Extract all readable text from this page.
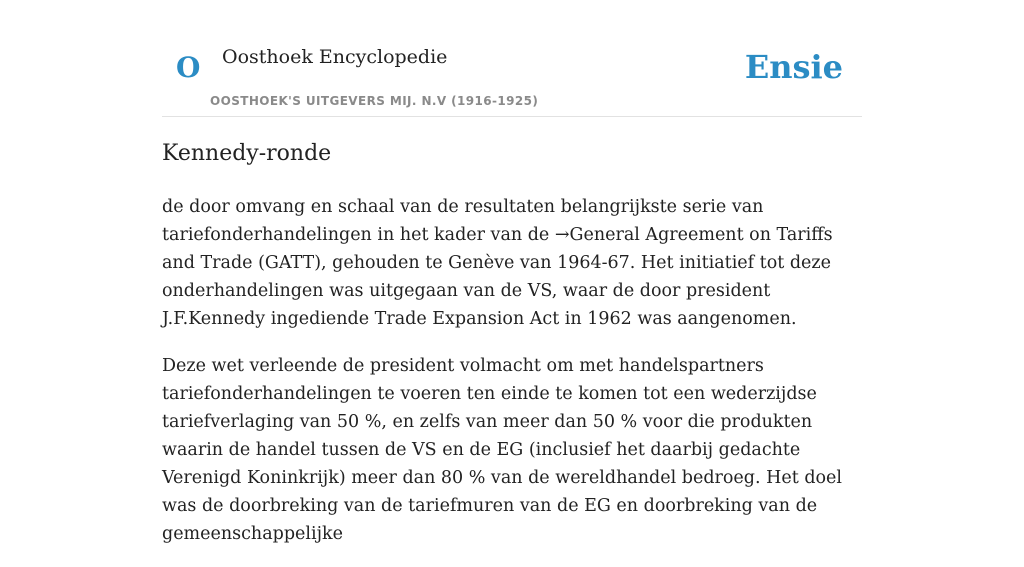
O Oosthoek Encyclopedie
OOSTHOEK'S UITGEVERS MIJ. N.V (1916-1925)
Ensie
Kennedy-ronde

de door omvang en schaal van de resultaten belangrijkste serie van tariefonderhandelingen in het kader van de →General Agreement on Tariffs and Trade (GATT), gehouden te Genève van 1964-67. Het initiatief tot deze onderhandelingen was uitgegaan van de VS, waar de door president J.F.Kennedy ingediende Trade Expansion Act in 1962 was aangenomen.

Deze wet verleende de president volmacht om met handelspartners tariefonderhandelingen te voeren ten einde te komen tot een wederzijdse tariefverlaging van 50 %, en zelfs van meer dan 50 % voor die produkten waarin de handel tussen de VS en de EG (inclusief het daarbij gedachte Verenigd Koninkrijk) meer dan 80 % van de wereldhandel bedroeg. Het doel was de doorbreking van de tariefmuren van de EG en doorbreking van de gemeenschappelijke
